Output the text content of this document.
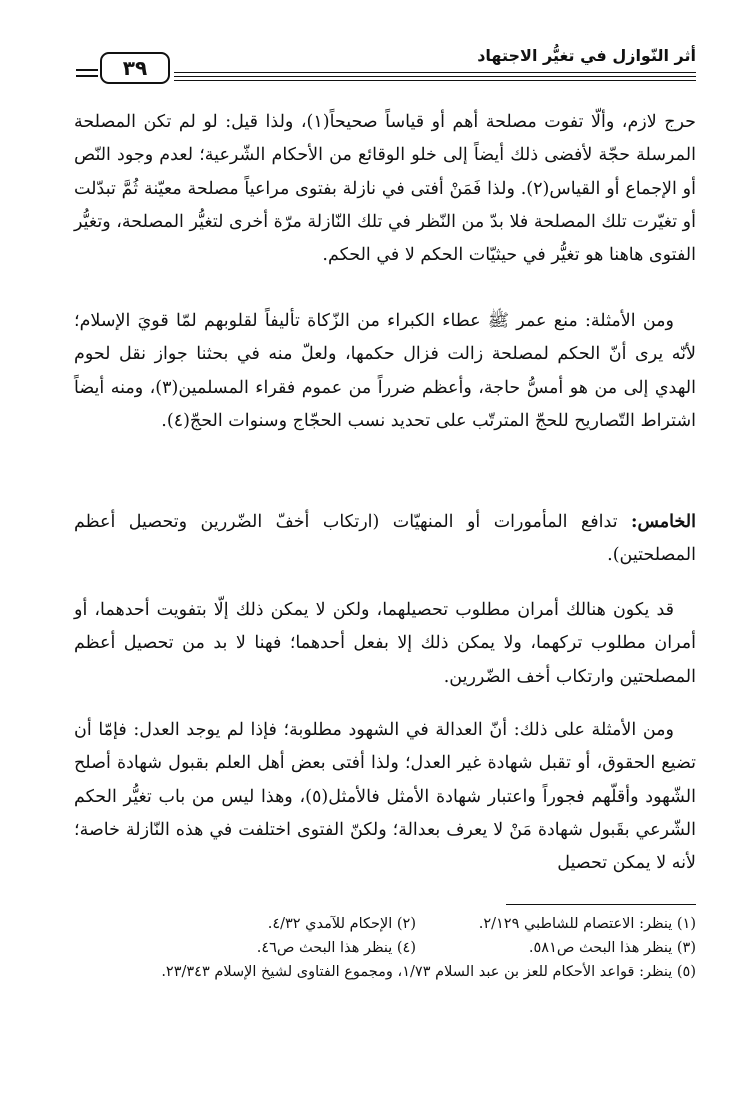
أثر النّوازل في تغيُّر الاجتهاد
٣٩

حرج لازم، وألّا تفوت مصلحة أهم أو قياساً صحيحاً(١)، ولذا قيل: لو لم تكن المصلحة المرسلة حجّة لأفضى ذلك أيضاً إلى خلو الوقائع من الأحكام الشّرعية؛ لعدم وجود النّص أو الإجماع أو القياس(٢). ولذا فَمَنْ أفتى في نازلة بفتوى مراعياً مصلحة معيّنة ثُمَّ تبدّلت أو تغيّرت تلك المصلحة فلا بدّ من النّظر في تلك النّازلة مرّة أخرى لتغيُّر المصلحة، وتغيُّر الفتوى هاهنا هو تغيُّر في حيثيّات الحكم لا في الحكم.

ومن الأمثلة: منع عمر ﷺ عطاء الكبراء من الزّكاة تأليفاً لقلوبهم لمّا قويَ الإسلام؛ لأنّه يرى أنّ الحكم لمصلحة زالت فزال حكمها، ولعلّ منه في بحثنا جواز نقل لحوم الهدي إلى من هو أمسُّ حاجة، وأعظم ضرراً من عموم فقراء المسلمين(٣)، ومنه أيضاً اشتراط التّصاريح للحجّ المترتّب على تحديد نسب الحجّاج وسنوات الحجّ(٤).

الخامس: تدافع المأمورات أو المنهيّات (ارتكاب أخفّ الضّررين وتحصيل أعظم المصلحتين).

قد يكون هنالك أمران مطلوب تحصيلهما، ولكن لا يمكن ذلك إلّا بتفويت أحدهما، أو أمران مطلوب تركهما، ولا يمكن ذلك إلا بفعل أحدهما؛ فهنا لا بد من تحصيل أعظم المصلحتين وارتكاب أخف الضّررين.

ومن الأمثلة على ذلك: أنّ العدالة في الشهود مطلوبة؛ فإذا لم يوجد العدل: فإمّا أن تضيع الحقوق، أو تقبل شهادة غير العدل؛ ولذا أفتى بعض أهل العلم بقبول شهادة أصلح الشّهود وأقلّهم فجوراً واعتبار شهادة الأمثل فالأمثل(٥)، وهذا ليس من باب تغيُّر الحكم الشّرعي بقَبول شهادة مَنْ لا يعرف بعدالة؛ ولكنّ الفتوى اختلفت في هذه النّازلة خاصة؛ لأنه لا يمكن تحصيل

(١) ينظر: الاعتصام للشاطبي ٢/١٢٩.
(٢) الإحكام للآمدي ٤/٣٢.
(٣) ينظر هذا البحث ص٥٨١.
(٤) ينظر هذا البحث ص٤٦.
(٥) ينظر: قواعد الأحكام للعز بن عبد السلام ١/٧٣، ومجموع الفتاوى لشيخ الإسلام ٢٣/٣٤٣.
